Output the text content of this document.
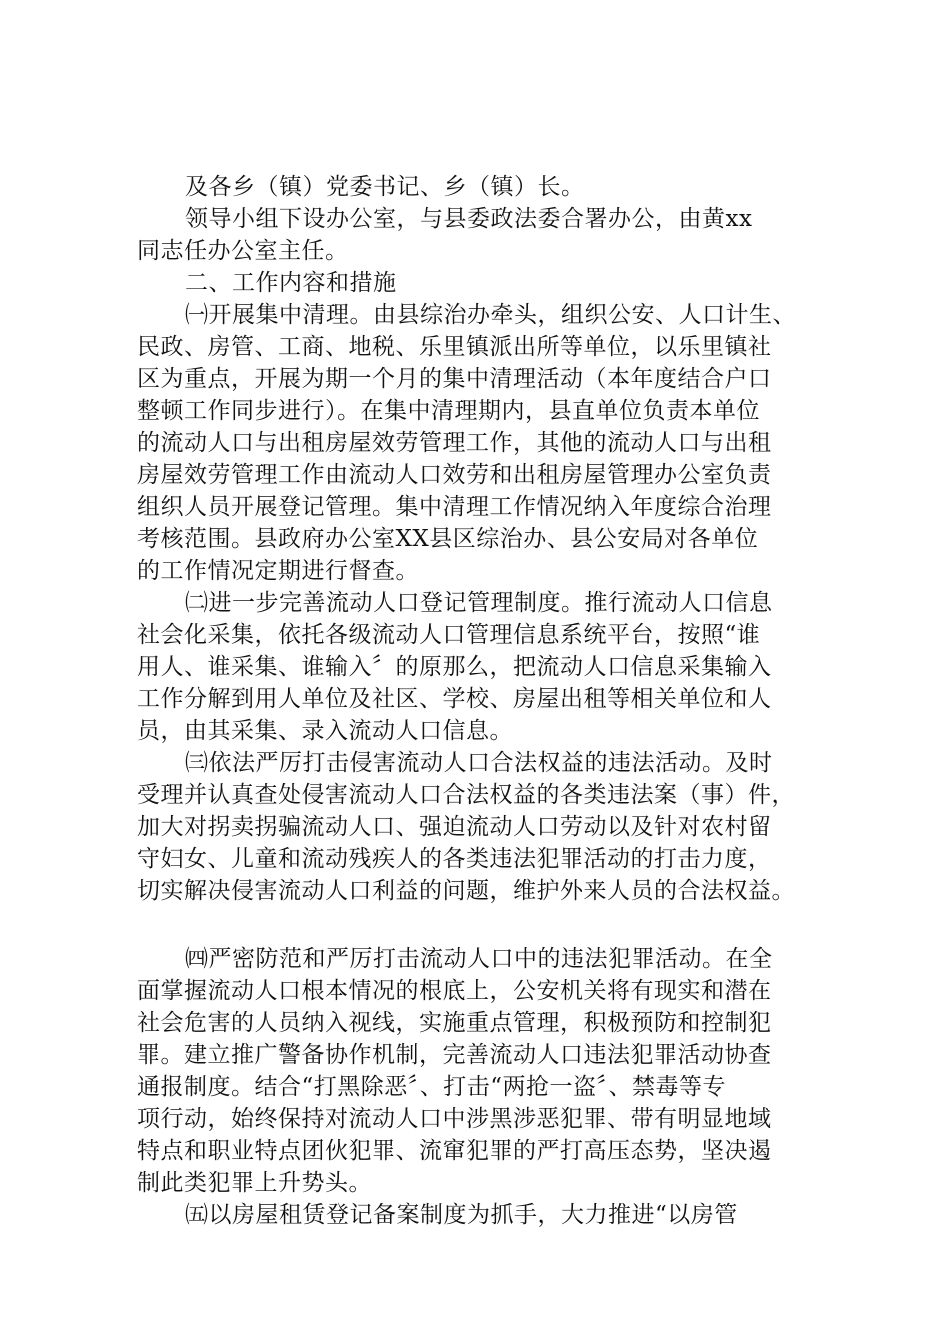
及各乡（镇）党委书记、乡（镇）长。
领导小组下设办公室，与县委政法委合署办公，由黄xx
同志任办公室主任。
二、工作内容和措施
㈠开展集中清理。由县综治办牵头，组织公安、人口计生、
民政、房管、工商、地税、乐里镇派出所等单位，以乐里镇社
区为重点，开展为期一个月的集中清理活动（本年度结合户口
整顿工作同步进行）。在集中清理期内，县直单位负责本单位
的流动人口与出租房屋效劳管理工作，其他的流动人口与出租
房屋效劳管理工作由流动人口效劳和出租房屋管理办公室负责
组织人员开展登记管理。集中清理工作情况纳入年度综合治理
考核范围。县政府办公室XX县区综治办、县公安局对各单位
的工作情况定期进行督查。
㈡进一步完善流动人口登记管理制度。推行流动人口信息
社会化采集，依托各级流动人口管理信息系统平台，按照“谁
用人、谁采集、谁输入〞的原那么，把流动人口信息采集输入
工作分解到用人单位及社区、学校、房屋出租等相关单位和人
员，由其采集、录入流动人口信息。
㈢依法严厉打击侵害流动人口合法权益的违法活动。及时
受理并认真查处侵害流动人口合法权益的各类违法案（事）件，
加大对拐卖拐骗流动人口、强迫流动人口劳动以及针对农村留
守妇女、儿童和流动残疾人的各类违法犯罪活动的打击力度，
切实解决侵害流动人口利益的问题，维护外来人员的合法权益。
㈣严密防范和严厉打击流动人口中的违法犯罪活动。在全
面掌握流动人口根本情况的根底上，公安机关将有现实和潜在
社会危害的人员纳入视线，实施重点管理，积极预防和控制犯
罪。建立推广警备协作机制，完善流动人口违法犯罪活动协查
通报制度。结合“打黑除恶〞、打击“两抢一盗〞、禁毒等专
项行动，始终保持对流动人口中涉黑涉恶犯罪、带有明显地域
特点和职业特点团伙犯罪、流窜犯罪的严打高压态势，坚决遏
制此类犯罪上升势头。
㈤以房屋租赁登记备案制度为抓手，大力推进“以房管
